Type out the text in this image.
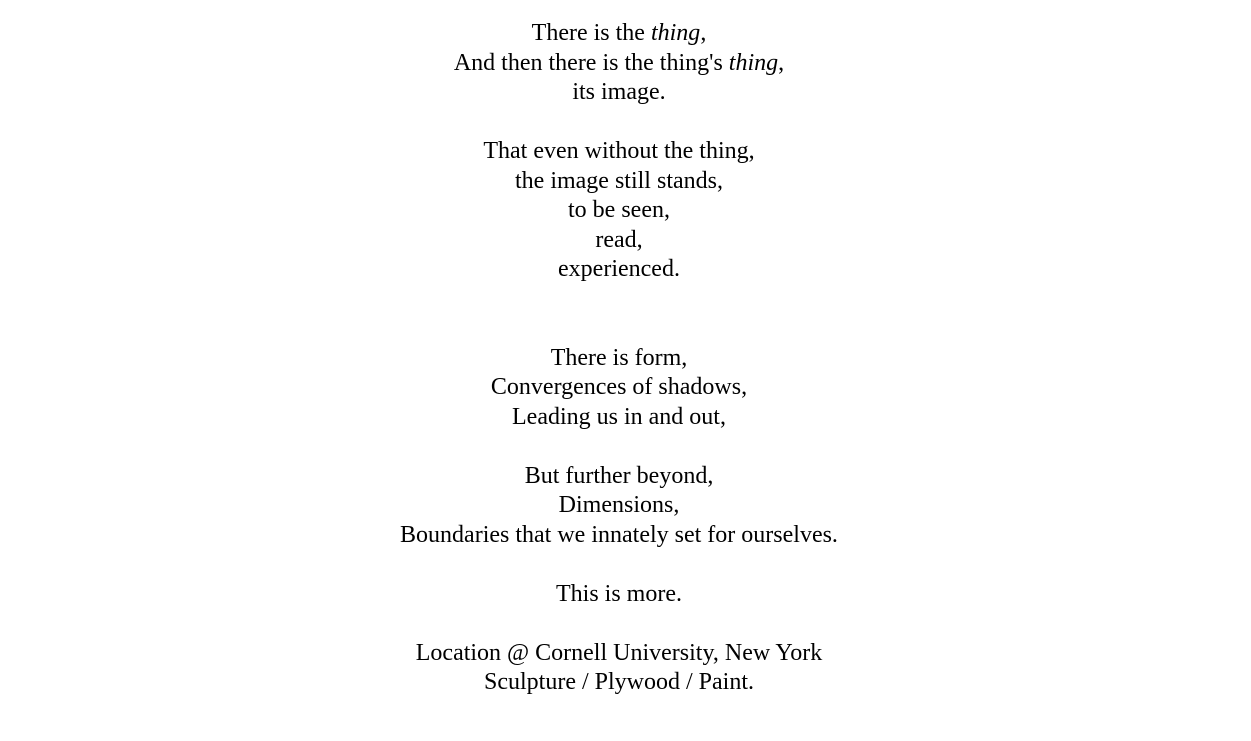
There is the thing,
And then there is the thing's thing,
its image.
That even without the thing,
the image still stands,
to be seen,
read,
experienced.
There is form,
Convergences of shadows,
Leading us in and out,
But further beyond,
Dimensions,
Boundaries that we innately set for ourselves.
This is more.
Location @ Cornell University, New York
Sculpture / Plywood / Paint.
